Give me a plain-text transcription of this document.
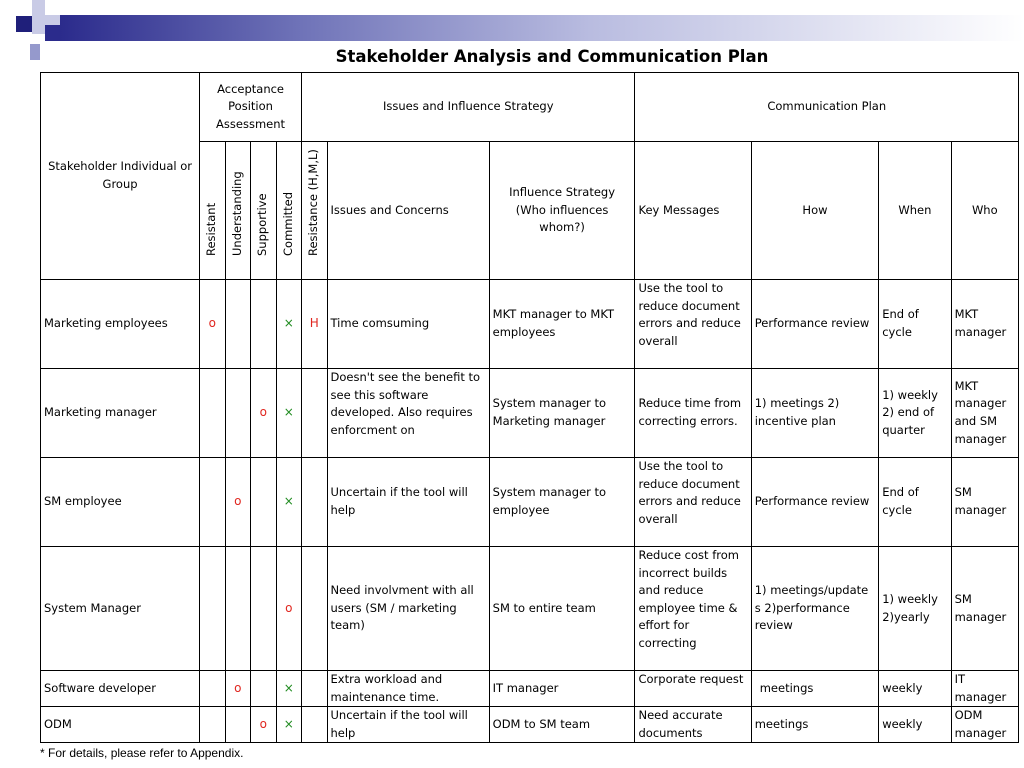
Stakeholder Analysis and Communication Plan
Stakeholder Individual or Group	Acceptance Position Assessment				Issues and Influence Strategy			Communication Plan			

	Resistant	Understanding	Supportive	Committed	Resistance (H,M,L)	Issues and Concerns	Influence Strategy (Who influences whom?)	Key Messages	How	When	Who
Marketing employees	o			×	H	Time comsuming	MKT manager to MKT employees	Use the tool to reduce document errors and reduce overall	Performance review	End of cycle	MKT manager
Marketing manager			o	×		Doesn't see the benefit to see this software developed. Also requires enforcment on	System manager to Marketing manager	Reduce time from correcting errors.	1) meetings 2) incentive plan	1) weekly 2) end of quarter	MKT manager and SM manager
SM employee		o		×		Uncertain if the tool will help	System manager to employee	Use the tool to reduce document errors and reduce overall	Performance review	End of cycle	SM manager
System Manager				o		Need involvment with all users (SM / marketing team)	SM to entire team	Reduce cost from incorrect builds and reduce employee time & effort for correcting	1) meetings/update s 2)performance review	1) weekly 2)yearly	SM manager
Software developer		o		×		Extra workload and maintenance time.	IT manager	Corporate request	meetings	weekly	IT manager

ODM			o	×		Uncertain if the tool will help	ODM to SM team	Need accurate documents	meetings	weekly	ODM manager
* For details, please refer to Appendix.
